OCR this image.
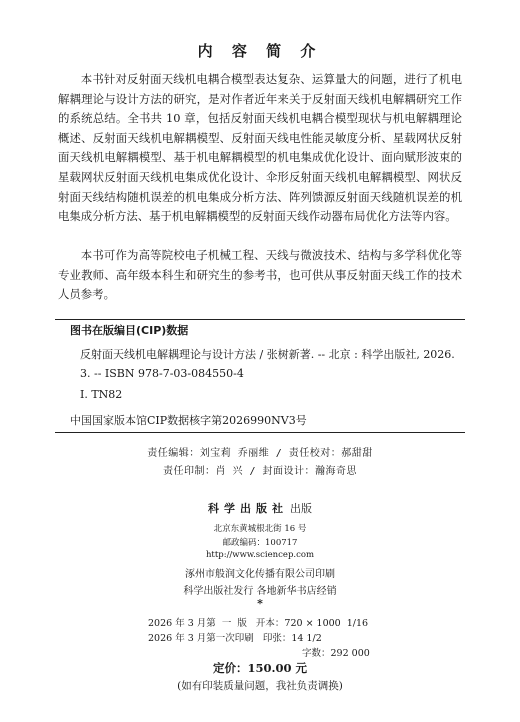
内 容 简 介

本书针对反射面天线机电耦合模型表达复杂、运算量大的问题，进行了机电解耦理论与设计方法的研究，是对作者近年来关于反射面天线机电解耦研究工作的系统总结。全书共 10 章，包括反射面天线机电耦合模型现状与机电解耦理论概述、反射面天线机电解耦模型、反射面天线电性能灵敏度分析、星载网状反射面天线机电解耦模型、基于机电解耦模型的机电集成优化设计、面向赋形波束的星载网状反射面天线机电集成优化设计、伞形反射面天线机电解耦模型、网状反射面天线结构随机误差的机电集成分析方法、阵列馈源反射面天线随机误差的机电集成分析方法、基于机电解耦模型的反射面天线作动器布局优化方法等内容。

本书可作为高等院校电子机械工程、天线与微波技术、结构与多学科优化等专业教师、高年级本科生和研究生的参考书，也可供从事反射面天线工作的技术人员参考。

图书在版编目(CIP)数据
反射面天线机电解耦理论与设计方法 / 张树新著. -- 北京 : 科学出版社, 2026. 3. -- ISBN 978-7-03-084550-4
Ⅰ. TN82
中国国家版本馆CIP数据核字第2026990NV3号
责任编辑：刘宝莉 乔丽维 / 责任校对：郝甜甜
责任印制：肖 兴 / 封面设计：瀚海奇思
科学出版社 出版
北京东黄城根北街 16 号
邮政编码：100717
http://www.sciencep.com
涿州市般润文化传播有限公司印刷
科学出版社发行 各地新华书店经销
*
2026 年 3 月第  一  版   开本：720 × 1000  1/16
2026 年 3 月第一次印刷   印张：14 1/2
字数：292 000
定价：150.00 元
(如有印装质量问题，我社负责调换)
